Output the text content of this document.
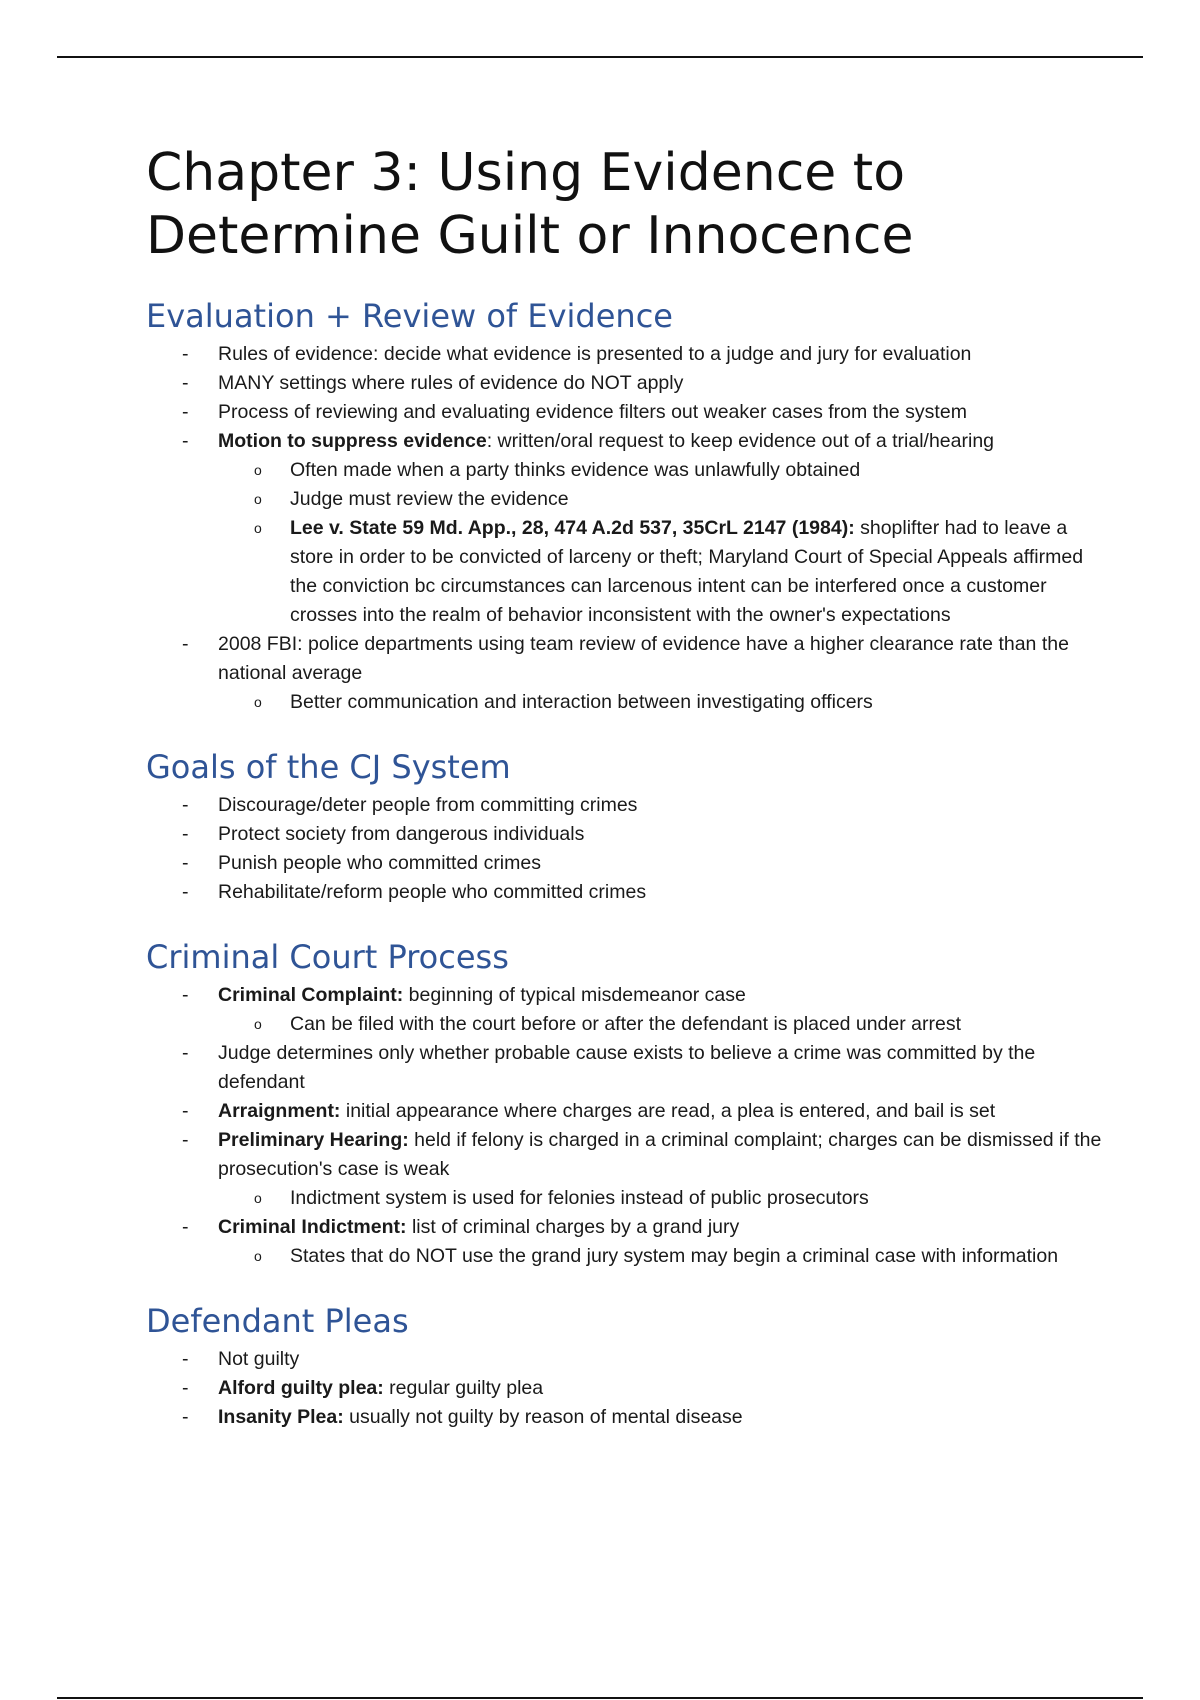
Chapter 3: Using Evidence to Determine Guilt or Innocence
Evaluation + Review of Evidence
-	Rules of evidence: decide what evidence is presented to a judge and jury for evaluation
-	MANY settings where rules of evidence do NOT apply
-	Process of reviewing and evaluating evidence filters out weaker cases from the system
-	Motion to suppress evidence: written/oral request to keep evidence out of a trial/hearing
o Often made when a party thinks evidence was unlawfully obtained
o Judge must review the evidence
o Lee v. State 59 Md. App., 28, 474 A.2d 537, 35CrL 2147 (1984): shoplifter had to leave a store in order to be convicted of larceny or theft; Maryland Court of Special Appeals affirmed the conviction bc circumstances can larcenous intent can be interfered once a customer crosses into the realm of behavior inconsistent with the owner's expectations
-	2008 FBI: police departments using team review of evidence have a higher clearance rate than the national average
o Better communication and interaction between investigating officers
Goals of the CJ System
-	Discourage/deter people from committing crimes
-	Protect society from dangerous individuals
-	Punish people who committed crimes
-	Rehabilitate/reform people who committed crimes
Criminal Court Process
-	Criminal Complaint: beginning of typical misdemeanor case
o Can be filed with the court before or after the defendant is placed under arrest
-	Judge determines only whether probable cause exists to believe a crime was committed by the defendant
-	Arraignment: initial appearance where charges are read, a plea is entered, and bail is set
-	Preliminary Hearing: held if felony is charged in a criminal complaint; charges can be dismissed if the prosecution's case is weak
o Indictment system is used for felonies instead of public prosecutors
-	Criminal Indictment: list of criminal charges by a grand jury
o States that do NOT use the grand jury system may begin a criminal case with information
Defendant Pleas
-	Not guilty
-	Alford guilty plea: regular guilty plea
-	Insanity Plea: usually not guilty by reason of mental disease
